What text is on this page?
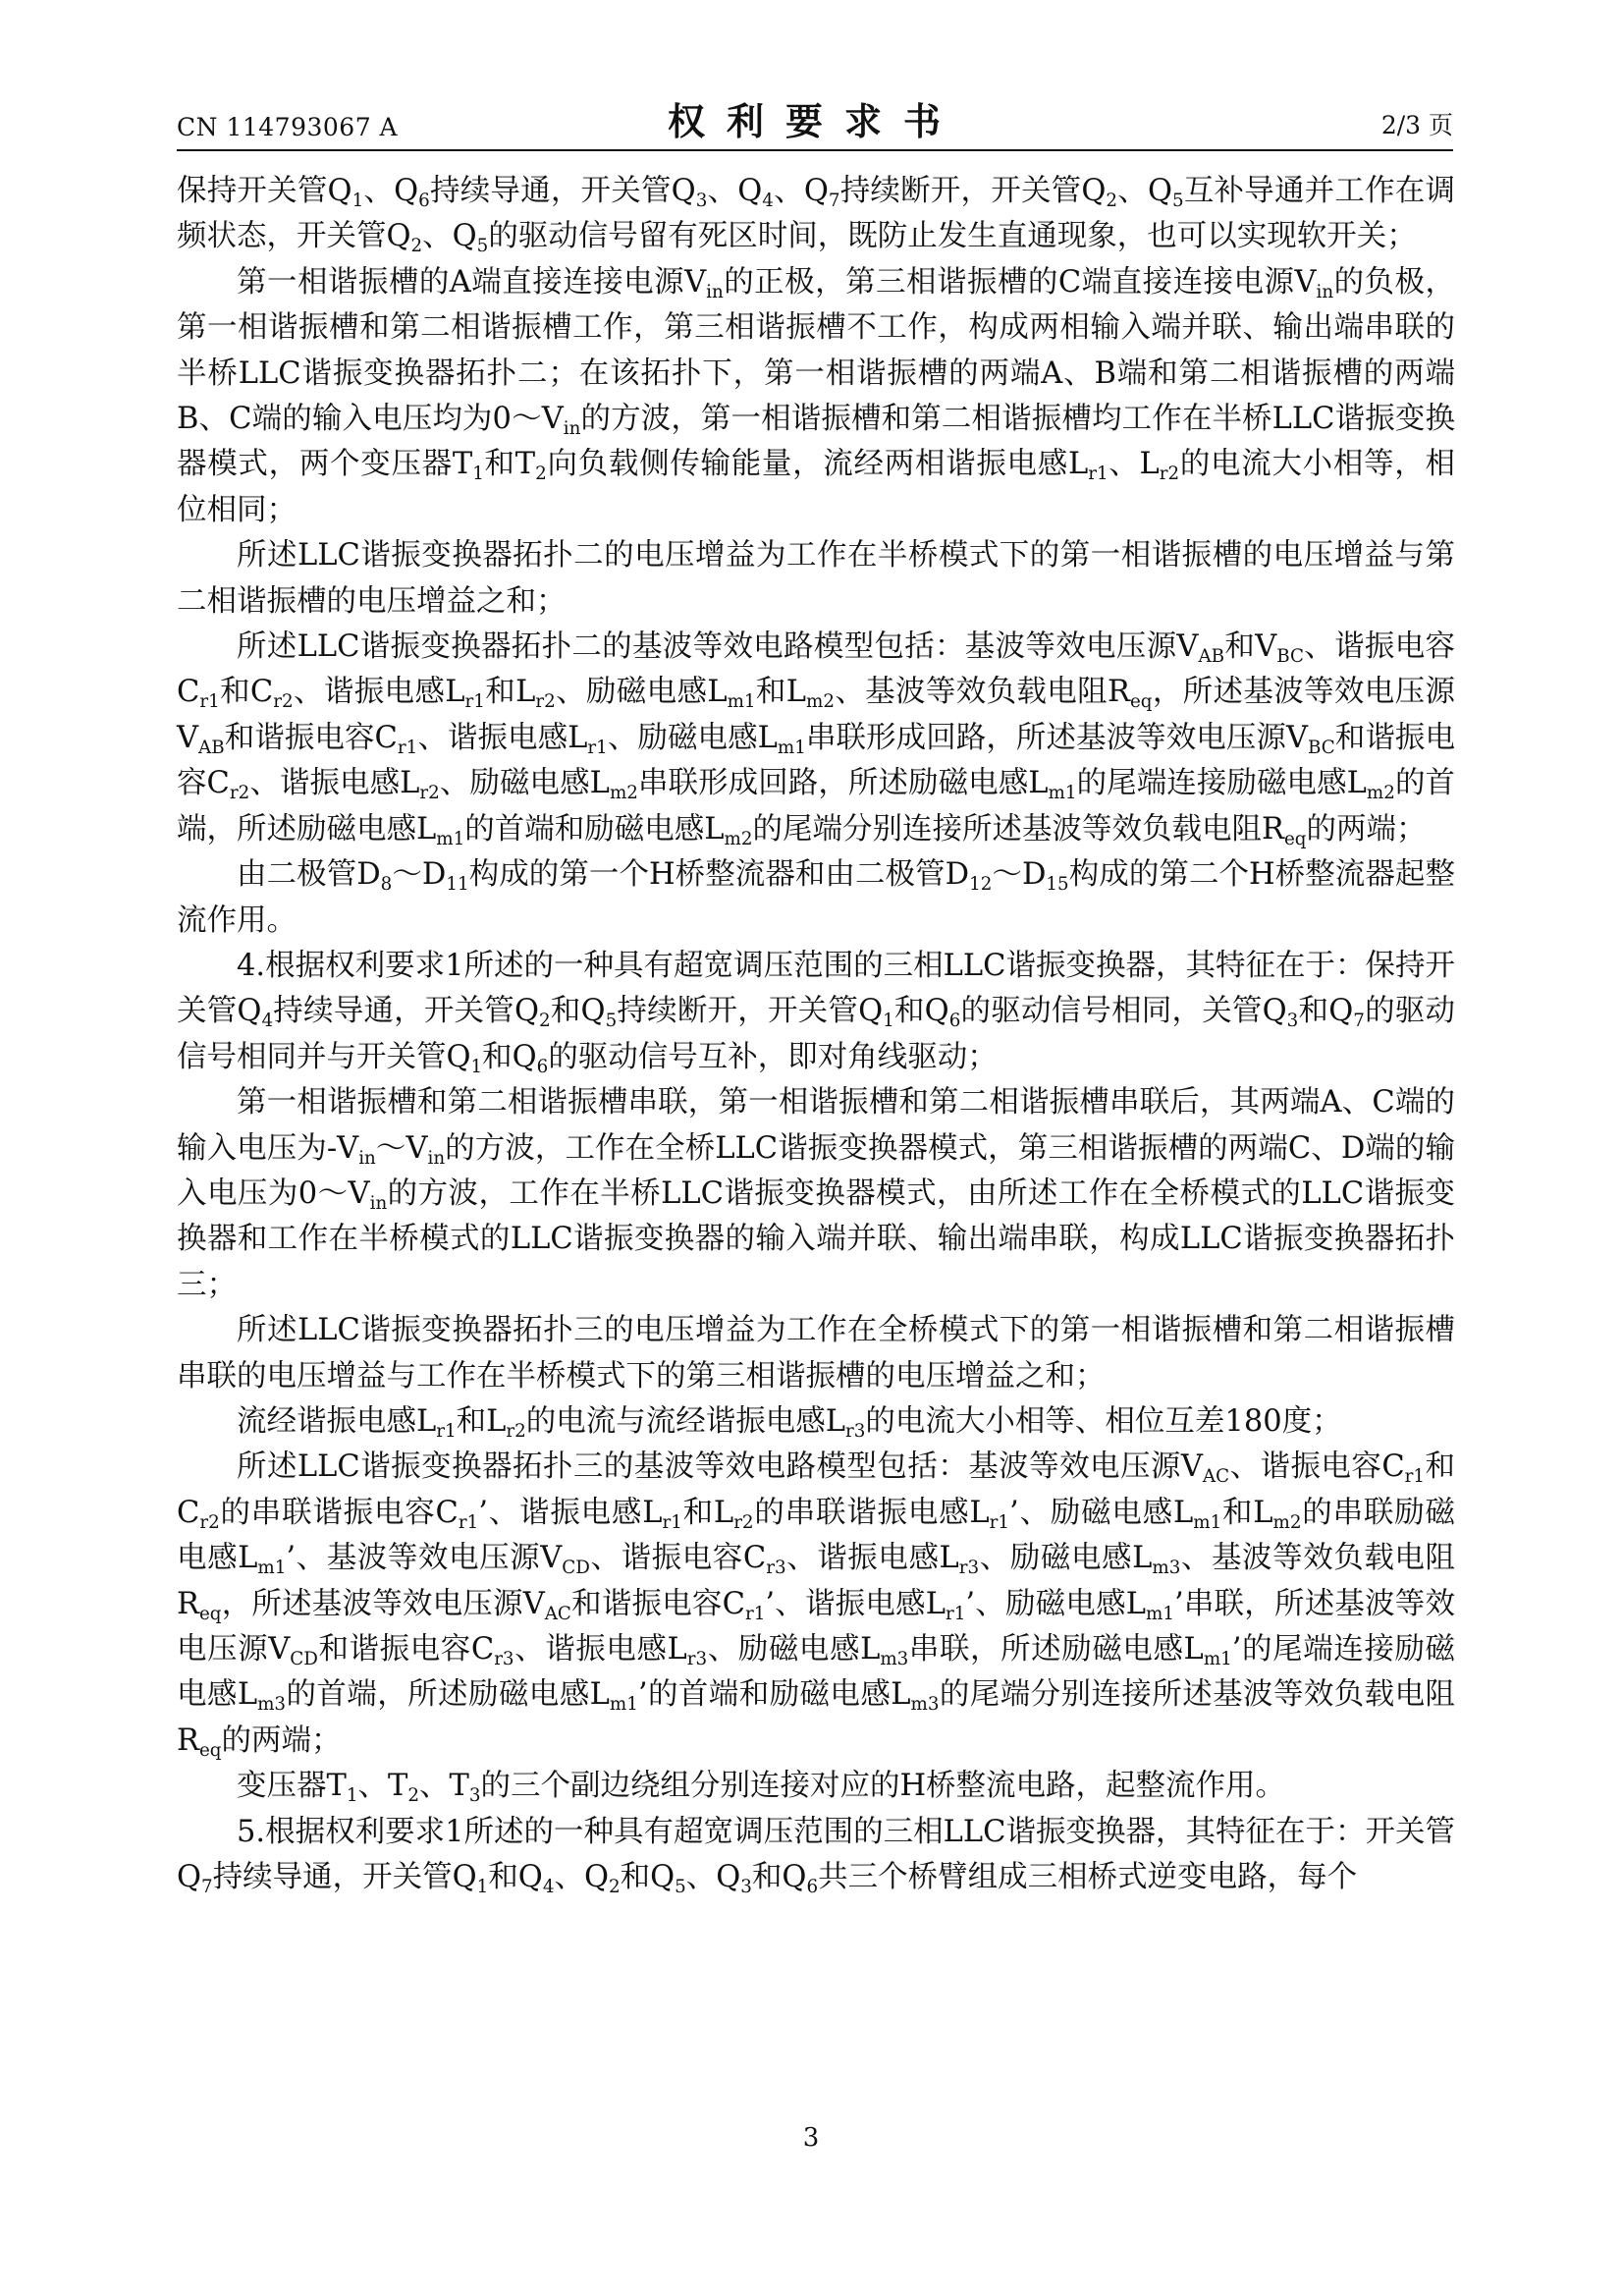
CN 114793067 A	权利要求书	2/3 页

保持开关管$Q_1$、$Q_6$持续导通，开关管$Q_3$、$Q_4$、$Q_7$持续断开，开关管$Q_2$、$Q_5$互补导通并工作在调频状态，开关管$Q_2$、$Q_5$的驱动信号留有死区时间，既防止发生直通现象，也可以实现软开关；

第一相谐振槽的A端直接连接电源$V_{in}$的正极，第三相谐振槽的C端直接连接电源$V_{in}$的负极，第一相谐振槽和第二相谐振槽工作，第三相谐振槽不工作，构成两相输入端并联、输出端串联的半桥LLC谐振变换器拓扑二；在该拓扑下，第一相谐振槽的两端A、B端和第二相谐振槽的两端B、C端的输入电压均为$0\sim V_{in}$的方波，第一相谐振槽和第二相谐振槽均工作在半桥LLC谐振变换器模式，两个变压器$T_1$和$T_2$向负载侧传输能量，流经两相谐振电感$L_{r1}$、$L_{r2}$的电流大小相等，相位相同；

所述LLC谐振变换器拓扑二的电压增益为工作在半桥模式下的第一相谐振槽的电压增益与第二相谐振槽的电压增益之和；

所述LLC谐振变换器拓扑二的基波等效电路模型包括：基波等效电压源$V_{AB}$和$V_{BC}$、谐振电容$C_{r1}$和$C_{r2}$、谐振电感$L_{r1}$和$L_{r2}$、励磁电感$L_{m1}$和$L_{m2}$、基波等效负载电阻$R_{eq}$，所述基波等效电压源$V_{AB}$和谐振电容$C_{r1}$、谐振电感$L_{r1}$、励磁电感$L_{m1}$串联形成回路，所述基波等效电压源$V_{BC}$和谐振电容$C_{r2}$、谐振电感$L_{r2}$、励磁电感$L_{m2}$串联形成回路，所述励磁电感$L_{m1}$的尾端连接励磁电感$L_{m2}$的首端，所述励磁电感$L_{m1}$的首端和励磁电感$L_{m2}$的尾端分别连接所述基波等效负载电阻$R_{eq}$的两端；

由二极管$D_8\sim D_{11}$构成的第一个H桥整流器和由二极管$D_{12}\sim D_{15}$构成的第二个H桥整流器起整流作用。

4.根据权利要求1所述的一种具有超宽调压范围的三相LLC谐振变换器，其特征在于：保持开关管$Q_4$持续导通，开关管$Q_2$和$Q_5$持续断开，开关管$Q_1$和$Q_6$的驱动信号相同，关管$Q_3$和$Q_7$的驱动信号相同并与开关管$Q_1$和$Q_6$的驱动信号互补，即对角线驱动；

第一相谐振槽和第二相谐振槽串联，第一相谐振槽和第二相谐振槽串联后，其两端A、C端的输入电压为$-V_{in}\sim V_{in}$的方波，工作在全桥LLC谐振变换器模式，第三相谐振槽的两端C、D端的输入电压为$0\sim V_{in}$的方波，工作在半桥LLC谐振变换器模式，由所述工作在全桥模式的LLC谐振变换器和工作在半桥模式的LLC谐振变换器的输入端并联、输出端串联，构成LLC谐振变换器拓扑三；

所述LLC谐振变换器拓扑三的电压增益为工作在全桥模式下的第一相谐振槽和第二相谐振槽串联的电压增益与工作在半桥模式下的第三相谐振槽的电压增益之和；

流经谐振电感$L_{r1}$和$L_{r2}$的电流与流经谐振电感$L_{r3}$的电流大小相等、相位互差180度；

所述LLC谐振变换器拓扑三的基波等效电路模型包括：基波等效电压源$V_{AC}$、谐振电容$C_{r1}$和$C_{r2}$的串联谐振电容$C_{r1}$’、谐振电感$L_{r1}$和$L_{r2}$的串联谐振电感$L_{r1}$’、励磁电感$L_{m1}$和$L_{m2}$的串联励磁电感$L_{m1}$’、基波等效电压源$V_{CD}$、谐振电容$C_{r3}$、谐振电感$L_{r3}$、励磁电感$L_{m3}$、基波等效负载电阻$R_{eq}$，所述基波等效电压源$V_{AC}$和谐振电容$C_{r1}$’、谐振电感$L_{r1}$’、励磁电感$L_{m1}$’串联，所述基波等效电压源$V_{CD}$和谐振电容$C_{r3}$、谐振电感$L_{r3}$、励磁电感$L_{m3}$串联，所述励磁电感$L_{m1}$’的尾端连接励磁电感$L_{m3}$的首端，所述励磁电感$L_{m1}$’的首端和励磁电感$L_{m3}$的尾端分别连接所述基波等效负载电阻$R_{eq}$的两端；

变压器$T_1$、$T_2$、$T_3$的三个副边绕组分别连接对应的H桥整流电路，起整流作用。

5.根据权利要求1所述的一种具有超宽调压范围的三相LLC谐振变换器，其特征在于：开关管$Q_7$持续导通，开关管$Q_1$和$Q_4$、$Q_2$和$Q_5$、$Q_3$和$Q_6$共三个桥臂组成三相桥式逆变电路，每个

3
